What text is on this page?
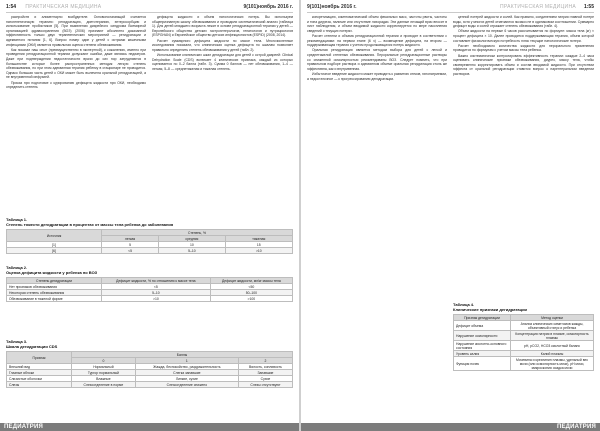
1:54 ПРАКТИЧЕСКАЯ МЕДИЦИНА	9(101)ноябрь 2016 г.

распройств и алиментарно возбудителе. Основополагающий считается патогенетическую терапию: регидратацию, диетотерапию, энтеросорбцию и использование пробиотиков [5]. При выявлении диарейного синдрома Всемирной организацией здравоохранения (ВОЗ) (2006) признают абсолютно доказанной эффективность только двух терапевтических мероприятий — регидратации и адекватного питания [1, 6]. Вопрос номер один у детей с острыми кишечными инфекциями (ОКИ) является правильная оценка степени обезвоживания.

Как показал наш опыт (преимущественно в экспертной), к сожалению, именно при проведении регидратационной терапии допускают ошибки, даже являясь педиатров. Даже при подтверждении недостаточности врачи до сих пор затрудняются в большинстве которые более распространенных методик легкую степень обезвоживания, но при этом адекватная терапия ребенку в стационаре не проводится. Однако большая часть детей с ОКИ может быть вылечена оральной регидратацией, а не внутривенной инфузией.

Приказ при подготовке к курированию дефицита жидкости при ОКИ, необходимо определить степень

дефицита жидкости и объем патологических потерь. Вы используем общепризнанную шкалу обезвоживания и проводили систематический анализ (таблица 1). Для детей младшего возраста лежит в основе регидратационной терапии у детей — Европейского общества детских гастроэнтерологов, гепатологов и нутрициологов (ESPGHAN) и Европейское общество детских инфекционистов (ESPID) (2008, 2014).

Расчет суммарного дефицита жидкости по массе тела. Многочисленные исследования показали, что клиническая оценка дефицита по шкалам позволяет правильно определить степень обезвоживания у детей (табл. 2).

Использование клинических шкал дегидратации для детей с острой диареей: Clinical Dehydration Scale (CDS) включает 4 клинических признака, каждый из которых оценивается по 0–2 балла (табл. 3). Сумма 0 баллов — нет обезвоживания, 1–4 — легкая, 5–8 — среднетяжелая и тяжелая степень.

Таблица 1.
Степень тяжести дегидратации в процентах от массы тела ребенка до заболевания
Источник	Степень, %		
	легкая	средняя	тяжелая
[1]	5	10	15
[6]	<5	5–10	>10
Таблица 2.
Оценка дефицита жидкости у ребенка по ВОЗ
Степень дегидратации	Дефицит жидкости, % по отношению к массе тела	Дефицит жидкости, мл/кг массы тела
Нет признаков обезвоживания	<5	<50
Некоторая степень обезвоживания	5–10	50–100
Обезвоживание в тяжелой форме	>10	>100
Таблица 3.
Шкала дегидратации CDS
Признак	Баллы		
	0	1	2
Внешний вид	Нормальный	Жажда, беспокойство, раздражительность	Вялость, сонливость
Глазные яблоки	Тургор нормальный	Слегка запавшие	Запавшие
Слизистые оболочки	Влажные	Липкие, сухие	Сухие
Слезы	Слезоотделение в норме	Слезоотделение снижено	Слезы отсутствуют
ПЕДИАТРИЯ
9(101)ноябрь 2016 г.	ПРАКТИЧЕСКАЯ МЕДИЦИНА 1:55

конкретизацию, симптоматический объем фекальных масс, частоты рвоты, частоты и типа диуреза, наличие или отсутствие лихорадки. Эти данные лечащий врач вносит в лист наблюдения, и объем вводимой жидкости корректируется по мере накопления сведений о текущих потерях.

Расчет степени и объема регидратационной терапии и проводят в соответствии с рекомендациями: на первом этапе (6 ч) — возмещение дефицита, на втором — поддерживающая терапия с учетом продолжающихся потерь жидкости.

Оральная регидратация является методом выбора для детей с легкой и среднетяжелой степенью обезвоживания. Пероральные регидратационные растворы со сниженной осмолярностью рекомендованы ВОЗ. Следует помнить, что при правильном подборе раствора и адекватном объеме оральная регидратация столь же эффективна, как и внутривенная.

Избыточное введение жидкости может приводить к развитию отеков, гипонатриемии, а недостаточное — к прогрессированию дегидратации.

ценной потерей жидкости и солей. Как правило, соединением натрия главной потере воды, хотя у многих детей отмечаются эксикоз не в одинаковом соотношении. Суммарно дефицит воды и солей отражает степень обезвоживания (табл. 4).

Объем жидкости на первые 6 часов рассчитывается по формуле: масса тела (кг) × процент дефицита × 10. Далее проводится поддерживающая терапия, объем которой составляет физиологическую потребность плюс текущие патологические потери.

Расчет необходимого количества жидкости для перорального применения проводится по формулам с учетом массы тела ребенка.

Важно систематически контролировать эффективность терапии: каждые 2–4 часа оценивать клинические признаки обезвоживания, диурез, массу тела, чтобы своевременно корректировать объем и состав вводимой жидкости. При отсутствии эффекта от оральной регидратации ставится вопрос о парентеральном введении растворов.

Таблица 4.
Клинические признаки дегидратации
Признак дегидратации	Метод оценки
Дефицит объема	Анализ клинических симптомов жажды, объективный статус и ребенка
Нарушение осмолярности	Концентрация натрия в плазме, осмолярность плазмы
Нарушение кислотно-основного состояния	pH, pCO2, HCO3 кислотный баланс
Уровень калия	Калий плазмы
Функция почек	Мочевина и креатинин плазмы, удельный вес мочи (или осмолярность мочи), pH мочи, микроскопия осадка мочи
ПЕДИАТРИЯ
